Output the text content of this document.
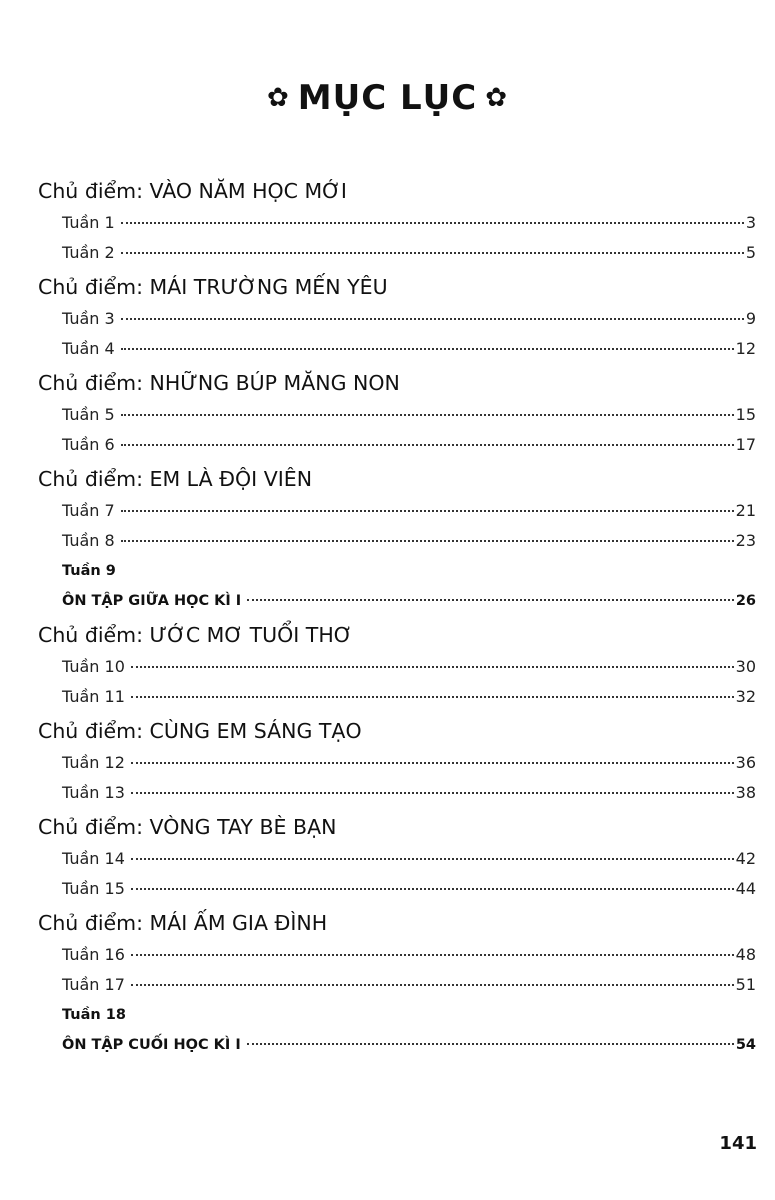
✿ MỤC LỤC ✿
Chủ điểm: VÀO NĂM HỌC MỚI
Tuần 1	3
Tuần 2	5
Chủ điểm: MÁI TRƯỜNG MẾN YÊU
Tuần 3	9
Tuần 4	12
Chủ điểm: NHỮNG BÚP MĂNG NON
Tuần 5	15
Tuần 6	17
Chủ điểm: EM LÀ ĐỘI VIÊN
Tuần 7	21
Tuần 8	23
Tuần 9
ÔN TẬP GIỮA HỌC KÌ I	26
Chủ điểm: ƯỚC MƠ TUỔI THƠ
Tuần 10	30
Tuần 11	32
Chủ điểm: CÙNG EM SÁNG TẠO
Tuần 12	36
Tuần 13	38
Chủ điểm: VÒNG TAY BÈ BẠN
Tuần 14	42
Tuần 15	44
Chủ điểm: MÁI ẤM GIA ĐÌNH
Tuần 16	48
Tuần 17	51
Tuần 18
ÔN TẬP CUỐI HỌC KÌ I	54
141
